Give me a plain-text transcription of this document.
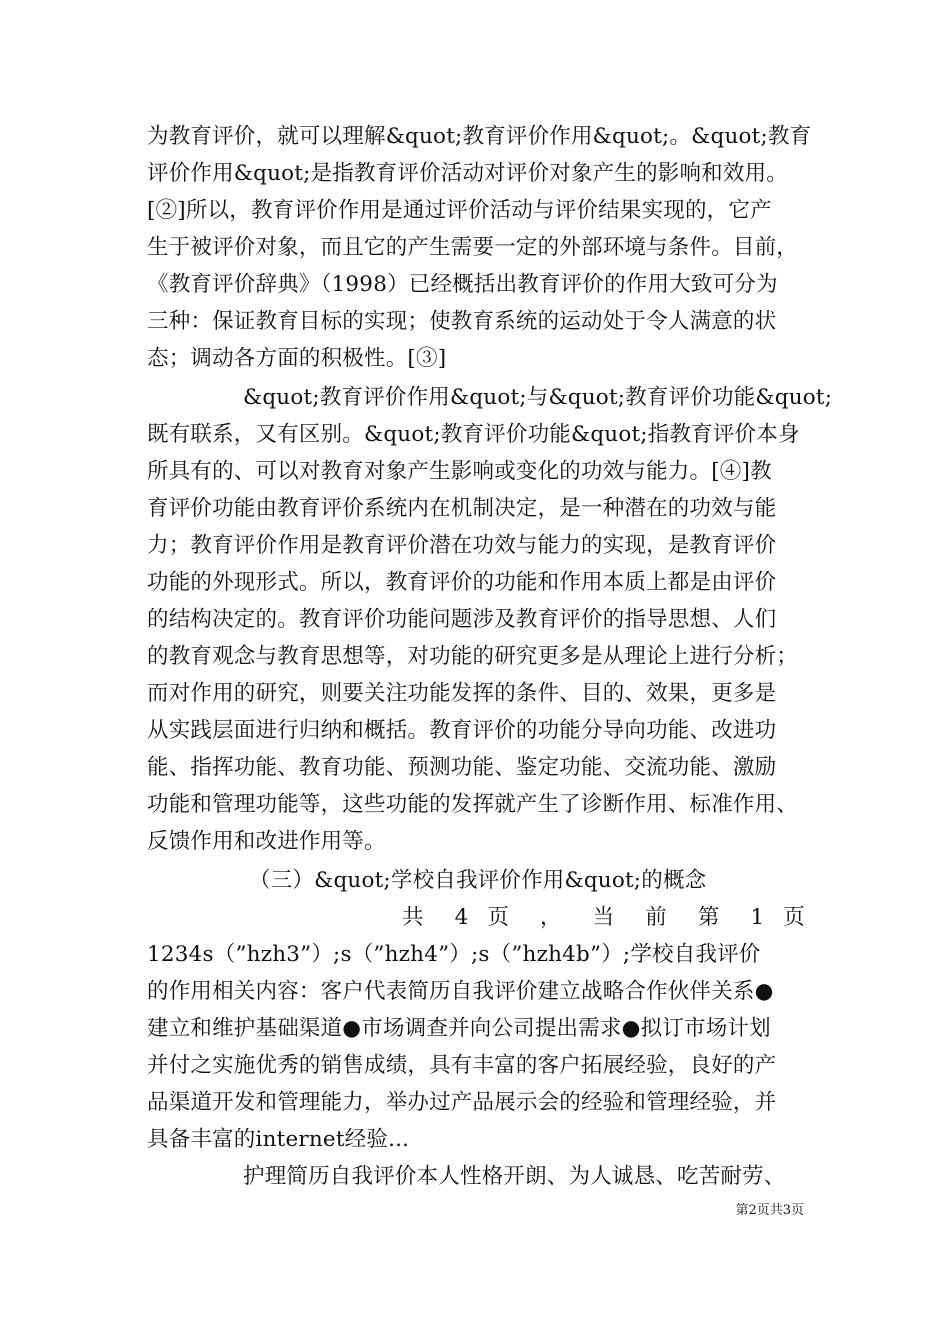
为教育评价，就可以理解&quot;教育评价作用&quot;。&quot;教育
评价作用&quot;是指教育评价活动对评价对象产生的影响和效用。
[②]所以，教育评价作用是通过评价活动与评价结果实现的，它产
生于被评价对象，而且它的产生需要一定的外部环境与条件。目前，
《教育评价辞典》（1998）已经概括出教育评价的作用大致可分为
三种：保证教育目标的实现；使教育系统的运动处于令人满意的状
态；调动各方面的积极性。[③]
&quot;教育评价作用&quot;与&quot;教育评价功能&quot;
既有联系，又有区别。&quot;教育评价功能&quot;指教育评价本身
所具有的、可以对教育对象产生影响或变化的功效与能力。[④]教
育评价功能由教育评价系统内在机制决定，是一种潜在的功效与能
力；教育评价作用是教育评价潜在功效与能力的实现，是教育评价
功能的外现形式。所以，教育评价的功能和作用本质上都是由评价
的结构决定的。教育评价功能问题涉及教育评价的指导思想、人们
的教育观念与教育思想等，对功能的研究更多是从理论上进行分析；
而对作用的研究，则要关注功能发挥的条件、目的、效果，更多是
从实践层面进行归纳和概括。教育评价的功能分导向功能、改进功
能、指挥功能、教育功能、预测功能、鉴定功能、交流功能、激励
功能和管理功能等，这些功能的发挥就产生了诊断作用、标准作用、
反馈作用和改进作用等。
（三）&quot;学校自我评价作用&quot;的概念
共 4 页 ， 当 前 第 1 页
1234s（”hzh3”）;s（”hzh4”）;s（”hzh4b”）;学校自我评价
的作用相关内容：客户代表简历自我评价建立战略合作伙伴关系●
建立和维护基础渠道●市场调查并向公司提出需求●拟订市场计划
并付之实施优秀的销售成绩，具有丰富的客户拓展经验，良好的产
品渠道开发和管理能力，举办过产品展示会的经验和管理经验，并
具备丰富的internet经验...
护理简历自我评价本人性格开朗、为人诚恳、吃苦耐劳、
第2页共3页
